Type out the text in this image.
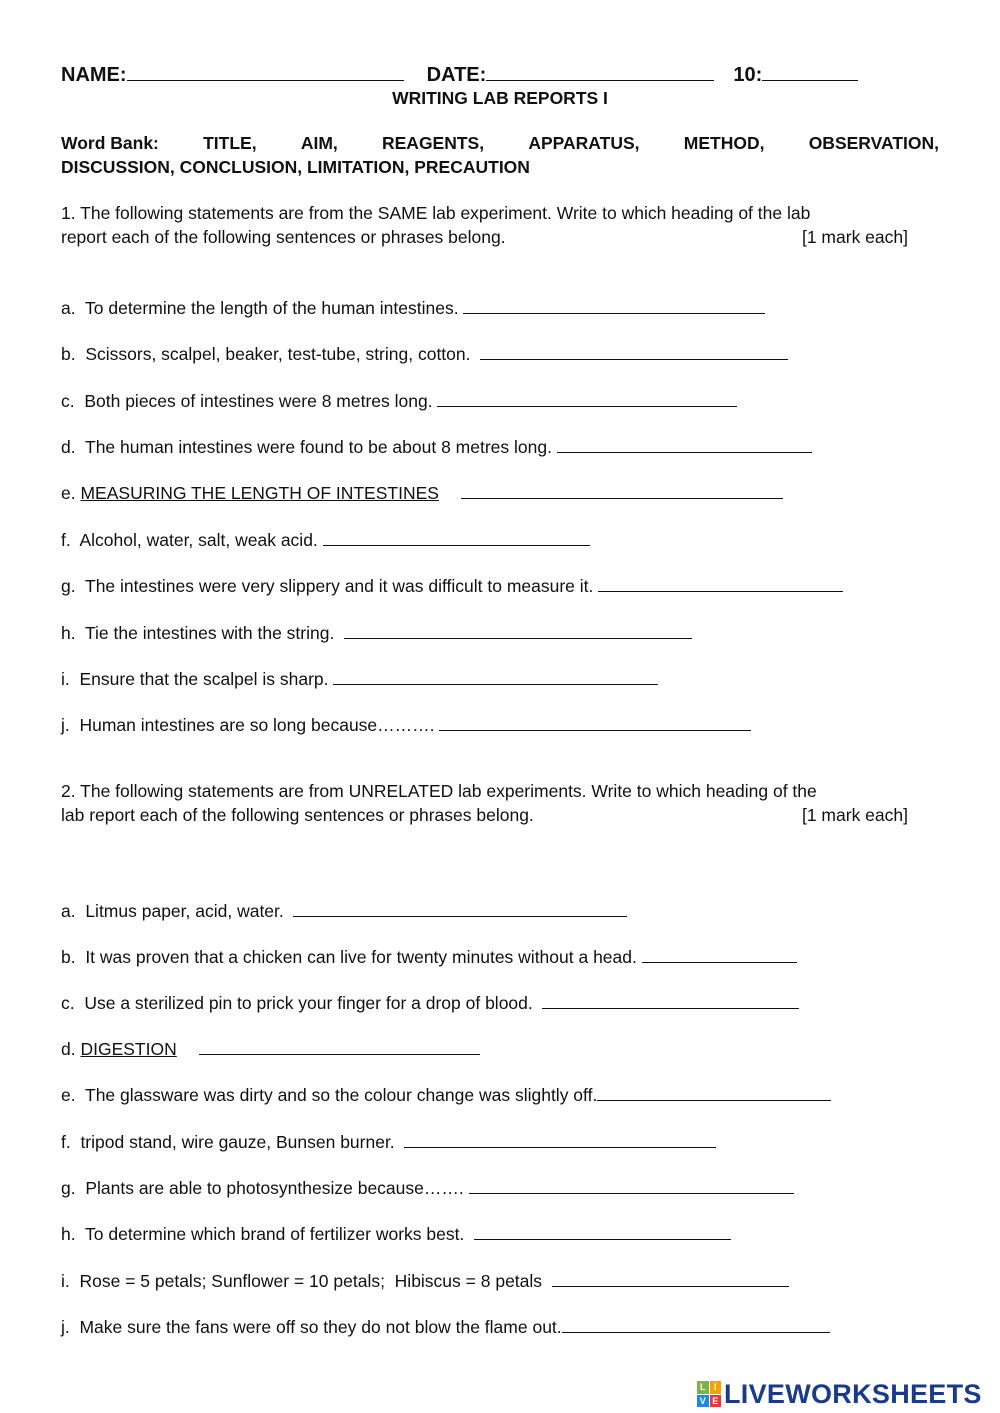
NAME:	DATE:	10:
WRITING LAB REPORTS I
Word Bank:	TITLE,	AIM,	REAGENTS,	APPARATUS,	METHOD,	OBSERVATION,
DISCUSSION, CONCLUSION, LIMITATION, PRECAUTION
1. The following statements are from the SAME lab experiment. Write to which heading of the lab
report each of the following sentences or phrases belong.	[1 mark each]
a.  To determine the length of the human intestines.
b.  Scissors, scalpel, beaker, test-tube, string, cotton.
c.  Both pieces of intestines were 8 metres long.
d.  The human intestines were found to be about 8 metres long.
e. MEASURING THE LENGTH OF INTESTINES
f.  Alcohol, water, salt, weak acid.
g.  The intestines were very slippery and it was difficult to measure it.
h.  Tie the intestines with the string.
i.  Ensure that the scalpel is sharp.
j.  Human intestines are so long because……….
2. The following statements are from UNRELATED lab experiments. Write to which heading of the
lab report each of the following sentences or phrases belong.	[1 mark each]
a.  Litmus paper, acid, water.
b.  It was proven that a chicken can live for twenty minutes without a head.
c.  Use a sterilized pin to prick your finger for a drop of blood.
d. DIGESTION
e.  The glassware was dirty and so the colour change was slightly off.
f.  tripod stand, wire gauze, Bunsen burner.
g.  Plants are able to photosynthesize because…….
h.  To determine which brand of fertilizer works best.
i.  Rose = 5 petals; Sunflower = 10 petals;  Hibiscus = 8 petals
j.  Make sure the fans were off so they do not blow the flame out.
L I
V E LIVEWORKSHEETS
